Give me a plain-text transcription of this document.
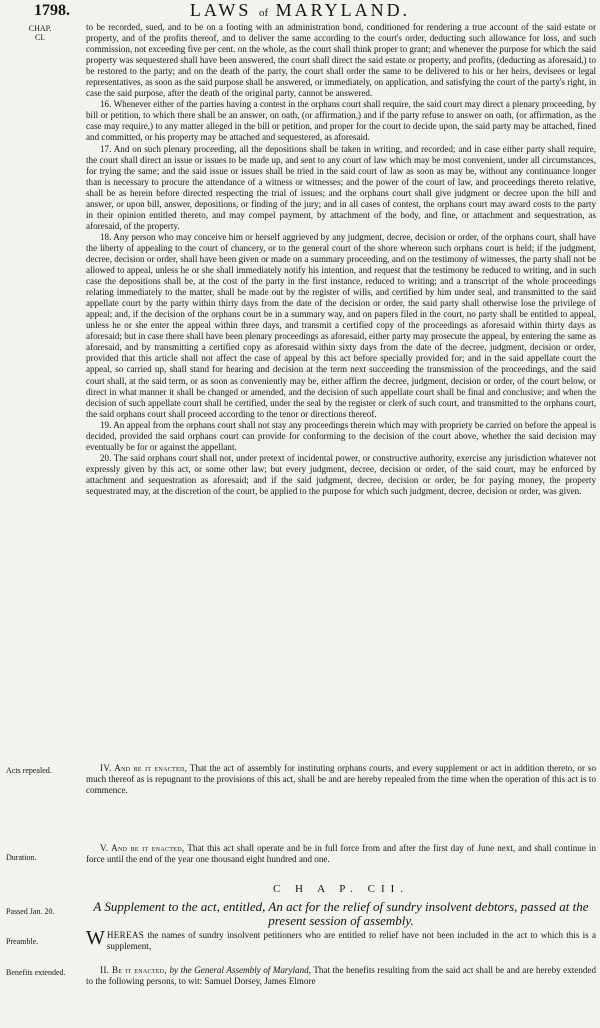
1798.	LAWS of MARYLAND.
CHAP.
CI.

to be recorded, sued, and to be on a footing with an administration bond, conditioned for rendering a true account of the said estate or property, and of the profits thereof, and to deliver the same according to the court's order, deducting such allowance for loss, and such commission, not exceeding five per cent. on the whole, as the court shall think proper to grant; and whenever the purpose for which the said property was sequestered shall have been answered, the court shall direct the said estate or property, and profits, (deducting as aforesaid,) to be restored to the party; and on the death of the party, the court shall order the same to be delivered to his or her heirs, devisees or legal representatives, as soon as the said purpose shall be answered, or immediately, on application, and satisfying the court of the party's right, in case the said purpose, after the death of the original party, cannot be answered.

16. Whenever either of the parties having a contest in the orphans court shall require, the said court may direct a plenary proceeding, by bill or petition, to which there shall be an answer, on oath, (or affirmation,) and if the party refuse to answer on oath, (or affirmation, as the case may require,) to any matter alleged in the bill or petition, and proper for the court to decide upon, the said party may be attached, fined and committed, or his property may be attached and sequestered, as aforesaid.

17. And on such plenary proceeding, all the depositions shall be taken in writing, and recorded; and in case either party shall require, the court shall direct an issue or issues to be made up, and sent to any court of law which may be most convenient, under all circumstances, for trying the same; and the said issue or issues shall be tried in the said court of law as soon as may be, without any continuance longer than is necessary to procure the attendance of a witness or witnesses; and the power of the court of law, and proceedings thereto relative, shall be as herein before directed respecting the trial of issues; and the orphans court shall give judgment or decree upon the bill and answer, or upon bill, answer, depositions, or finding of the jury; and in all cases of contest, the orphans court may award costs to the party in their opinion entitled thereto, and may compel payment, by attachment of the body, and fine, or attachment and sequestration, as aforesaid, of the property.

18. Any person who may conceive him or herself aggrieved by any judgment, decree, decision or order, of the orphans court, shall have the liberty of appealing to the court of chancery, or to the general court of the shore whereon such orphans court is held; if the judgment, decree, decision or order, shall have been given or made on a summary proceeding, and on the testimony of witnesses, the party shall not be allowed to appeal, unless he or she shall immediately notify his intention, and request that the testimony be reduced to writing, and in such case the depositions shall be, at the cost of the party in the first instance, reduced to writing; and a transcript of the whole proceedings relating immediately to the matter, shall be made out by the register of wills, and certified by him under seal, and transmitted to the said appellate court by the party within thirty days from the date of the decision or order, the said party shall otherwise lose the privilege of appeal; and, if the decision of the orphans court be in a summary way, and on papers filed in the court, no party shall be entitled to appeal, unless he or she enter the appeal within three days, and transmit a certified copy of the proceedings as aforesaid within thirty days as aforesaid; but in case there shall have been plenary proceedings as aforesaid, either party may prosecute the appeal, by entering the same as aforesaid, and by transmitting a certified copy as aforesaid within sixty days from the date of the decree, judgment, decision or order, provided that this article shall not affect the case of appeal by this act before specially provided for; and in the said appellate court the appeal, so carried up, shall stand for hearing and decision at the term next succeeding the transmission of the proceedings, and the said court shall, at the said term, or as soon as conveniently may be, either affirm the decree, judgment, decision or order, of the court below, or direct in what manner it shall be changed or amended, and the decision of such appellate court shall be final and conclusive; and when the decision of such appellate court shall be certified, under the seal by the register or clerk of such court, and transmitted to the orphans court, the said orphans court shall proceed according to the tenor or directions thereof.

19. An appeal from the orphans court shall not stay any proceedings therein which may with propriety be carried on before the appeal is decided, provided the said orphans court can provide for conforming to the decision of the court above, whether the said decision may eventually be for or against the appellant.

20. The said orphans court shall not, under pretext of incidental power, or constructive authority, exercise any jurisdiction whatever not expressly given by this act, or some other law; but every judgment, decree, decision or order, of the said court, may be enforced by attachment and sequestration as aforesaid; and if the said judgment, decree, decision or order, be for paying money, the property sequestrated may, at the discretion of the court, be applied to the purpose for which such judgment, decree, decision or order, was given.

Acts repealed.	IV. And be it enacted, That the act of assembly for instituting orphans courts, and every supplement or act in addition thereto, or so much thereof as is repugnant to the provisions of this act, shall be and are hereby repealed from the time when the operation of this act is to commence.

Duration.

V. And be it enacted, That this act shall operate and be in full force from and after the first day of June next, and shall continue in force until the end of the year one thousand eight hundred and one.

C H A P. CII.
Passed Jan. 20.	A Supplement to the act, entitled, An act for the relief of sundry insolvent debtors, passed at the present session of assembly.
Preamble.	WHEREAS the names of sundry insolvent petitioners who are entitled to relief have not been included in the act to which this is a supplement,

Benefits extended.	II. Be it enacted, by the General Assembly of Maryland, That the benefits resulting from the said act shall be and are hereby extended to the following persons, to wit: Samuel Dorsey, James Elmore
